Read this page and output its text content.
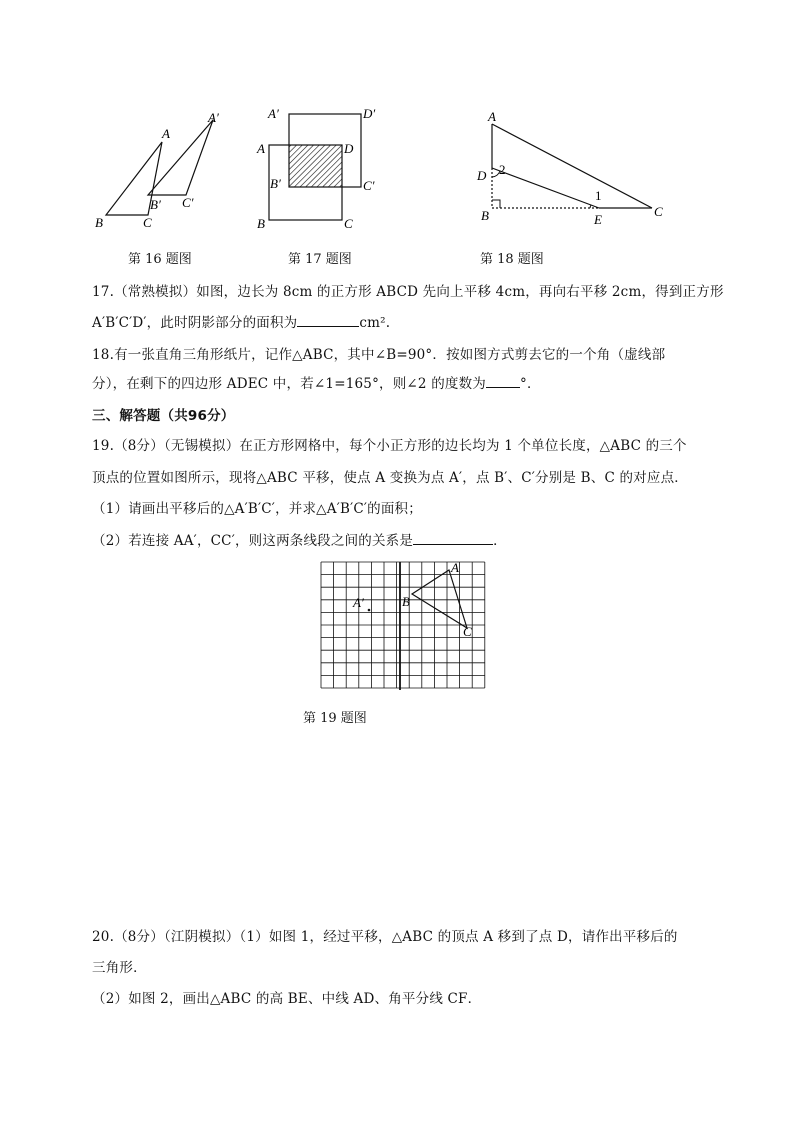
A
A′
B
B′
C
C′
A′	D′
A	D
B′	C′
B	C
A
D 2
1
B	E
C
第 16 题图	第 17 题图	第 18 题图
17.（常熟模拟）如图，边长为 8cm 的正方形 ABCD 先向上平移 4cm，再向右平移 2cm，得到正方形
A′B′C′D′，此时阴影部分的面积为	cm².
18.有一张直角三角形纸片，记作△ABC，其中∠B=90°．按如图方式剪去它的一个角（虚线部
分），在剩下的四边形 ADEC 中，若∠1=165°，则∠2 的度数为	°．
三、解答题（共96分）
19.（8分）（无锡模拟）在正方形网格中，每个小正方形的边长均为 1 个单位长度，△ABC 的三个
顶点的位置如图所示，现将△ABC 平移，使点 A 变换为点 A′，点 B′、C′分别是 B、C 的对应点．
（1）请画出平移后的△A′B′C′，并求△A′B′C′的面积；
（2）若连接 AA′，CC′，则这两条线段之间的关系是	．
A
A′	B
C
第 19 题图
20.（8分）（江阴模拟）（1）如图 1，经过平移，△ABC 的顶点 A 移到了点 D，请作出平移后的
三角形．
（2）如图 2，画出△ABC 的高 BE、中线 AD、角平分线 CF．
